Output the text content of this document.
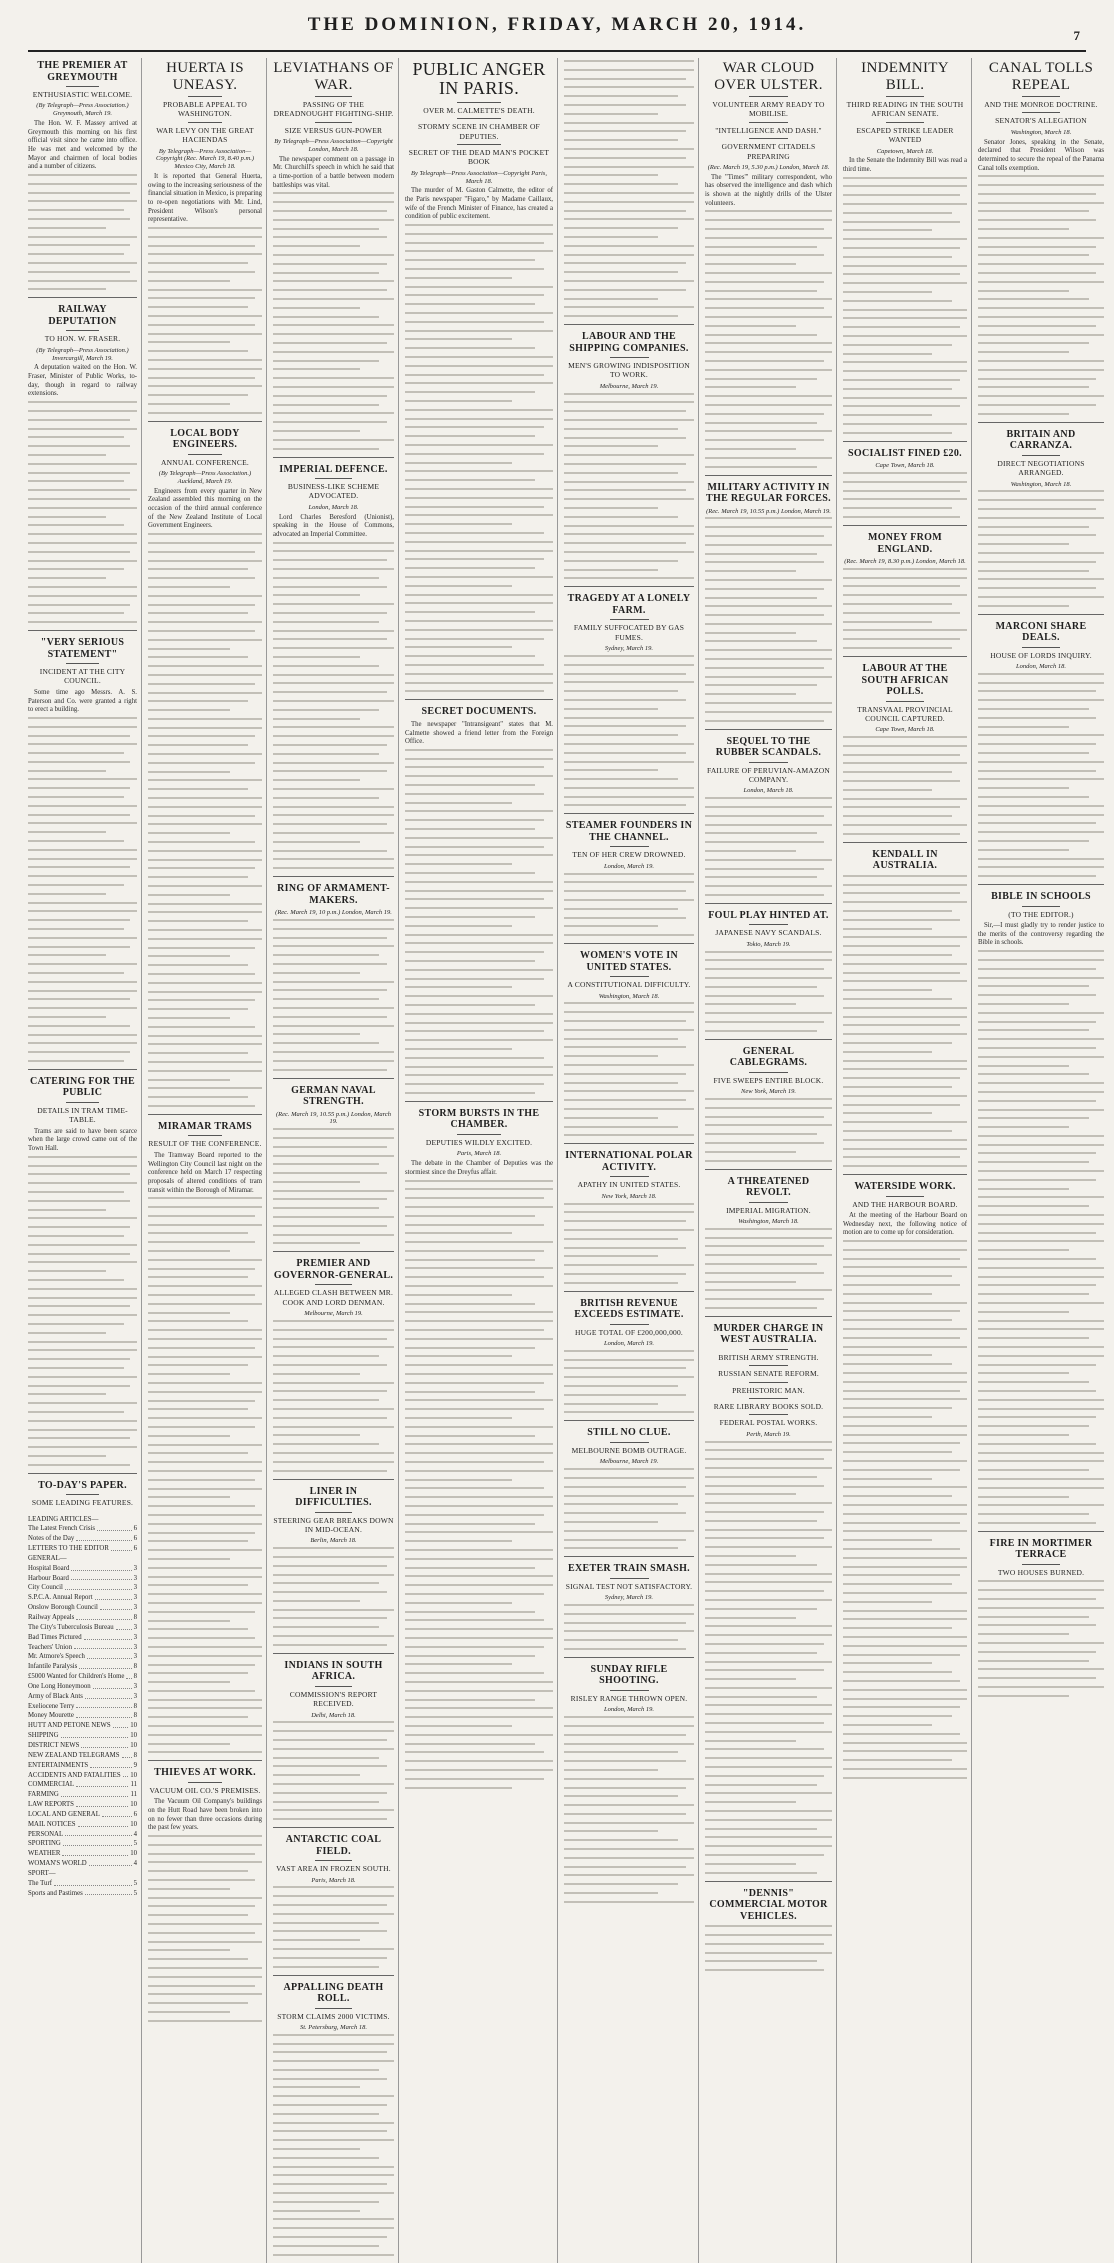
THE DOMINION, FRIDAY, MARCH 20, 1914.
7
THE PREMIER AT GREYMOUTH
ENTHUSIASTIC WELCOME.
(By Telegraph—Press Association.) Greymouth, March 19.

The Hon. W. F. Massey arrived at Greymouth this morning on his first official visit since he came into office. He was met and welcomed by the Mayor and chairmen of local bodies and a number of citizens.

RAILWAY DEPUTATION
TO HON. W. FRASER.
(By Telegraph—Press Association.) Invercargill, March 19.

A deputation waited on the Hon. W. Fraser, Minister of Public Works, to-day, though in regard to railway extensions.

"VERY SERIOUS STATEMENT"
INCIDENT AT THE CITY COUNCIL.

Some time ago Messrs. A. S. Paterson and Co. were granted a right to erect a building.

CATERING FOR THE PUBLIC
DETAILS IN TRAM TIME-TABLE.

Trams are said to have been scarce when the large crowd came out of the Town Hall.

TO-DAY'S PAPER.
SOME LEADING FEATURES.
LEADING ARTICLES—
The Latest French Crisis	6
Notes of the Day	6
LETTERS TO THE EDITOR	6
GENERAL—
Hospital Board	3
Harbour Board	3
City Council	3
S.P.C.A. Annual Report	3
Onslow Borough Council	3
Railway Appeals	8
The City's Tuberculosis Bureau	3
Bad Times Pictured	3
Teachers' Union	3
Mr. Atmore's Speech	3
Infantile Paralysis	8
£5000 Wanted for Children's Home 8
One Long Honeymoon	3
Army of Black Ants	3
Exeliocene Terry	8
Money Mourette	8
HUTT AND PETONE NEWS	10
SHIPPING	10
DISTRICT NEWS	10
NEW ZEALAND TELEGRAMS 8
ENTERTAINMENTS	9
ACCIDENTS AND FATALITIES 10
COMMERCIAL	11
FARMING	11
LAW REPORTS	10
LOCAL AND GENERAL	6
MAIL NOTICES	10
PERSONAL	4
SPORTING	5
WEATHER	10
WOMAN'S WORLD	4
SPORT—
The Turf	5
Sports and Pastimes	5
HUERTA IS UNEASY.
PROBABLE APPEAL TO WASHINGTON.
WAR LEVY ON THE GREAT HACIENDAS
By Telegraph—Press Association—Copyright (Rec. March 19, 8.40 p.m.) Mexico City, March 18.

It is reported that General Huerta, owing to the increasing seriousness of the financial situation in Mexico, is preparing to re-open negotiations with Mr. Lind, President Wilson's personal representative.

LOCAL BODY ENGINEERS.
ANNUAL CONFERENCE.
(By Telegraph—Press Association.) Auckland, March 19.

Engineers from every quarter in New Zealand assembled this morning on the occasion of the third annual conference of the New Zealand Institute of Local Government Engineers.

MIRAMAR TRAMS
RESULT OF THE CONFERENCE.

The Tramway Board reported to the Wellington City Council last night on the conference held on March 17 respecting proposals of altered conditions of tram transit within the Borough of Miramar.

THIEVES AT WORK.
VACUUM OIL CO.'S PREMISES.

The Vacuum Oil Company's buildings on the Hutt Road have been broken into on no fewer than three occasions during the past few years.

LEVIATHANS OF WAR.
PASSING OF THE DREADNOUGHT FIGHTING-SHIP.
SIZE VERSUS GUN-POWER
By Telegraph—Press Association—Copyright London, March 18.

The newspaper comment on a passage in Mr. Churchill's speech in which he said that a time-portion of a battle between modern battleships was vital.

IMPERIAL DEFENCE.
BUSINESS-LIKE SCHEME ADVOCATED.
London, March 18.

Lord Charles Beresford (Unionist), speaking in the House of Commons, advocated an Imperial Committee.

RING OF ARMAMENT-MAKERS.
(Rec. March 19, 10 p.m.) London, March 19.
GERMAN NAVAL STRENGTH.
(Rec. March 19, 10.55 p.m.) London, March 19.
PREMIER AND GOVERNOR-GENERAL.
ALLEGED CLASH BETWEEN MR. COOK AND LORD DENMAN.
Melbourne, March 19.
LINER IN DIFFICULTIES.
STEERING GEAR BREAKS DOWN IN MID-OCEAN.
Berlin, March 18.
INDIANS IN SOUTH AFRICA.
COMMISSION'S REPORT RECEIVED.
Delhi, March 18.
ANTARCTIC COAL FIELD.
VAST AREA IN FROZEN SOUTH.
Paris, March 18.
APPALLING DEATH ROLL.
STORM CLAIMS 2000 VICTIMS.
St. Petersburg, March 18.
PUBLIC ANGER IN PARIS.
OVER M. CALMETTE'S DEATH.
STORMY SCENE IN CHAMBER OF DEPUTIES.
SECRET OF THE DEAD MAN'S POCKET BOOK
By Telegraph—Press Association—Copyright Paris, March 18.

The murder of M. Gaston Calmette, the editor of the Paris newspaper "Figaro," by Madame Caillaux, wife of the French Minister of Finance, has created a condition of public excitement.

SECRET DOCUMENTS.

The newspaper "Intransigeant" states that M. Calmette showed a friend letter from the Foreign Office.

STORM BURSTS IN THE CHAMBER.
DEPUTIES WILDLY EXCITED.
Paris, March 18.

The debate in the Chamber of Deputies was the stormiest since the Dreyfus affair.

LABOUR AND THE SHIPPING COMPANIES.
MEN'S GROWING INDISPOSITION TO WORK.
Melbourne, March 19.
TRAGEDY AT A LONELY FARM.
FAMILY SUFFOCATED BY GAS FUMES.
Sydney, March 19.
STEAMER FOUNDERS IN THE CHANNEL.
TEN OF HER CREW DROWNED.
London, March 19.
WOMEN'S VOTE IN UNITED STATES.
A CONSTITUTIONAL DIFFICULTY.
Washington, March 18.
INTERNATIONAL POLAR ACTIVITY.
APATHY IN UNITED STATES.
New York, March 18.
BRITISH REVENUE EXCEEDS ESTIMATE.
HUGE TOTAL OF £200,000,000.
London, March 19.
STILL NO CLUE.
MELBOURNE BOMB OUTRAGE.
Melbourne, March 19.
EXETER TRAIN SMASH.
SIGNAL TEST NOT SATISFACTORY.
Sydney, March 19.
SUNDAY RIFLE SHOOTING.
RISLEY RANGE THROWN OPEN.
London, March 19.
WAR CLOUD OVER ULSTER.
VOLUNTEER ARMY READY TO MOBILISE.
"INTELLIGENCE AND DASH."
GOVERNMENT CITADELS PREPARING
(Rec. March 19, 5.30 p.m.) London, March 18.

The "Times'" military correspondent, who has observed the intelligence and dash which is shown at the nightly drills of the Ulster volunteers.

MILITARY ACTIVITY IN THE REGULAR FORCES.
(Rec. March 19, 10.55 p.m.) London, March 19.
SEQUEL TO THE RUBBER SCANDALS.
FAILURE OF PERUVIAN-AMAZON COMPANY.
London, March 18.
FOUL PLAY HINTED AT.
JAPANESE NAVY SCANDALS.
Tokio, March 19.
GENERAL CABLEGRAMS.
FIVE SWEEPS ENTIRE BLOCK.
New York, March 19.
A THREATENED REVOLT.
IMPERIAL MIGRATION.
Washington, March 18.
MURDER CHARGE IN WEST AUSTRALIA.
BRITISH ARMY STRENGTH.
RUSSIAN SENATE REFORM.
PREHISTORIC MAN.
RARE LIBRARY BOOKS SOLD.
FEDERAL POSTAL WORKS.
Perth, March 19.
"DENNIS" COMMERCIAL MOTOR VEHICLES.
INDEMNITY BILL.
THIRD READING IN THE SOUTH AFRICAN SENATE.
ESCAPED STRIKE LEADER WANTED
Capetown, March 18.

In the Senate the Indemnity Bill was read a third time.

SOCIALIST FINED £20.
Cape Town, March 18.
MONEY FROM ENGLAND.
(Rec. March 19, 8.30 p.m.) London, March 18.
LABOUR AT THE SOUTH AFRICAN POLLS.
TRANSVAAL PROVINCIAL COUNCIL CAPTURED.
Cape Town, March 18.
KENDALL IN AUSTRALIA.
WATERSIDE WORK.
AND THE HARBOUR BOARD.

At the meeting of the Harbour Board on Wednesday next, the following notice of motion are to come up for consideration.

CANAL TOLLS REPEAL
AND THE MONROE DOCTRINE.
SENATOR'S ALLEGATION
Washington, March 18.

Senator Jones, speaking in the Senate, declared that President Wilson was determined to secure the repeal of the Panama Canal tolls exemption.

BRITAIN AND CARRANZA.
DIRECT NEGOTIATIONS ARRANGED.
Washington, March 18.
MARCONI SHARE DEALS.
HOUSE OF LORDS INQUIRY.
London, March 18.
BIBLE IN SCHOOLS
(TO THE EDITOR.)

Sir,—I must gladly try to render justice to the merits of the controversy regarding the Bible in schools.

FIRE IN MORTIMER TERRACE
TWO HOUSES BURNED.
